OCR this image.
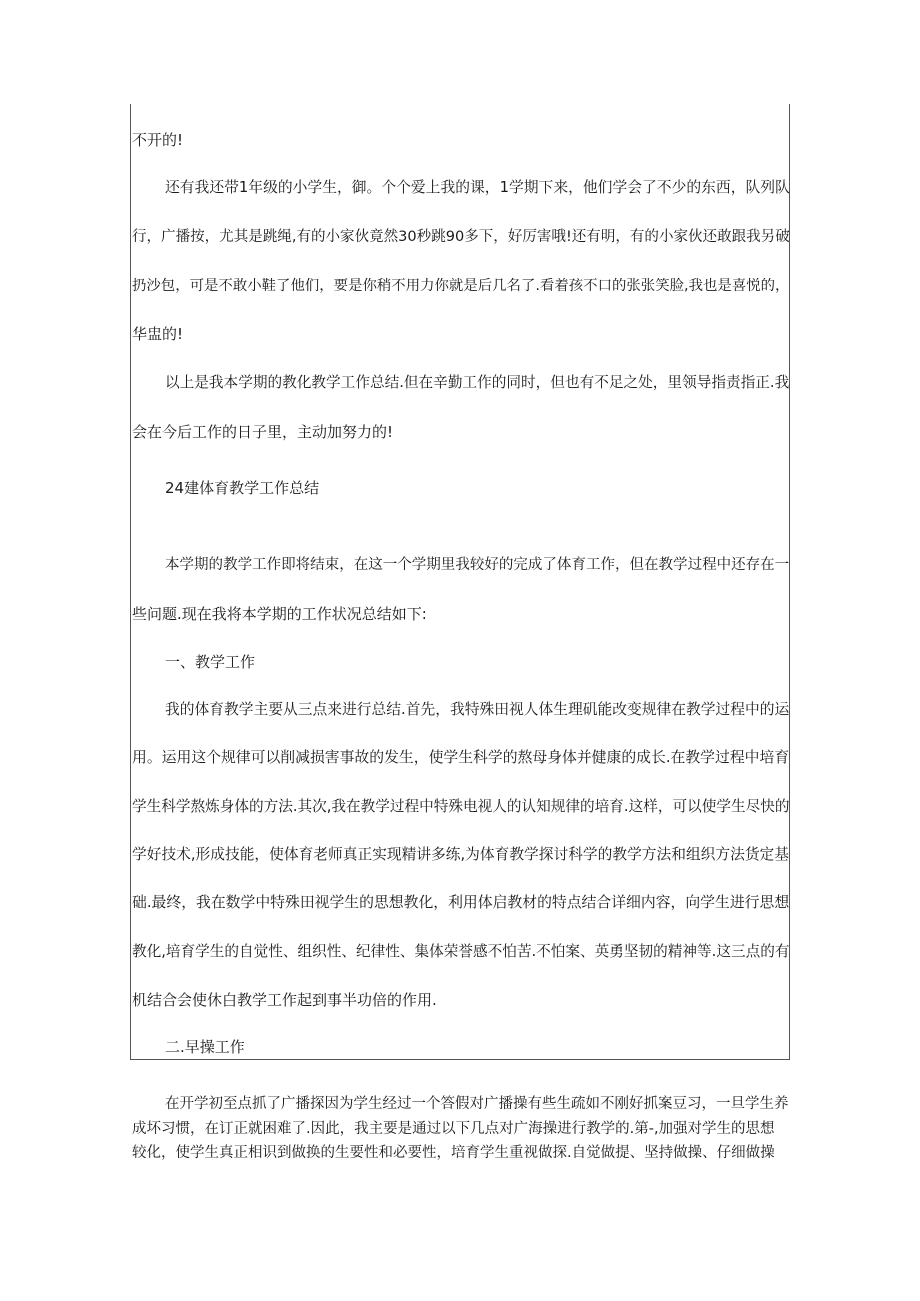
不开的!
还有我还带1年级的小学生，御。个个爱上我的课，1学期下来，他们学会了不少的东西，队列队
行，广播按，尤其是跳绳,有的小家伙竟然30秒跳90多下，好厉害哦!还有明，有的小家伙还敢跟我另破
扔沙包，可是不敢小鞋了他们，要是你稍不用力你就是后几名了.看着孩不口的张张笑脸,我也是喜悦的，
华盅的!
以上是我本学期的教化教学工作总结.但在辛勤工作的同时，但也有不足之处，里领导指责指正.我
会在今后工作的日子里，主动加努力的!
24建体育教学工作总结
本学期的教学工作即将结束，在这一个学期里我较好的完成了体育工作，但在教学过程中还存在一
些问题.现在我将本学期的工作状况总结如下:
一、教学工作
我的体育教学主要从三点来进行总结.首先，我特殊田视人体生理矶能改变规律在教学过程中的运
用。运用这个规律可以削减损害事故的发生，使学生科学的熬母身体并健康的成长.在教学过程中培育
学生科学熬炼身体的方法.其次,我在教学过程中特殊电视人的认知规律的培育.这样，可以使学生尽快的
学好技术,形成技能，使体育老师真正实现精讲多练,为体育教学探讨科学的教学方法和组织方法货定基
础.最终，我在数学中特殊田视学生的思想教化，利用体启教材的特点结合详细内容，向学生进行思想
教化,培育学生的自觉性、组织性、纪律性、集体荣誉感不怕苦.不怕案、英勇坚韧的精神等.这三点的有
机结合会使休白教学工作起到事半功倍的作用.
二.早操工作
在开学初至点抓了广播探因为学生经过一个答假对广播操有些生疏如不刚好抓案豆习，一旦学生养
成坏习惯，在订正就困难了.因此，我主要是通过以下几点对广海操进行教学的.第-,加强对学生的思想
较化，使学生真正相识到做换的生要性和必要性，培育学生重视做探.自觉做提、坚持做操、仔细做操
